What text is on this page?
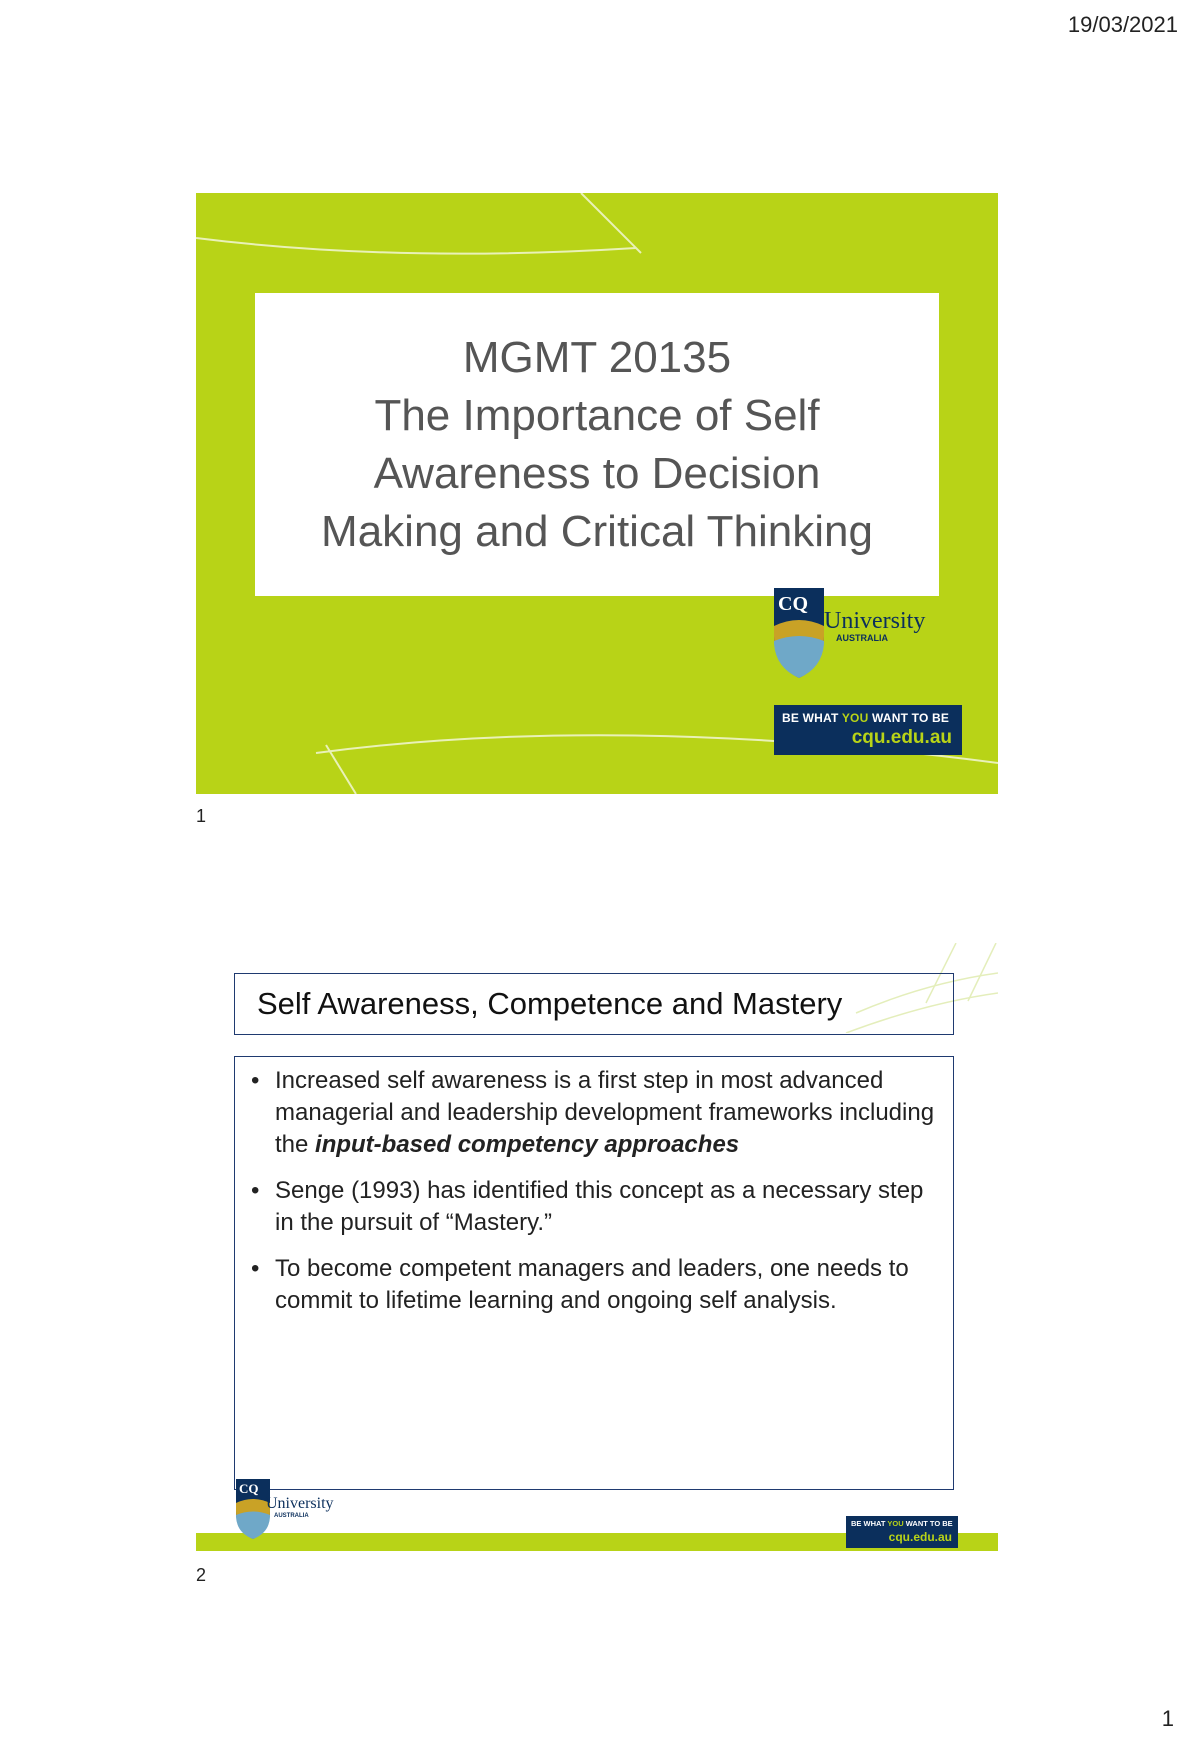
19/03/2021
MGMT 20135
The Importance of Self
Awareness to Decision
Making and Critical Thinking
CQ
University
AUSTRALIA
BE WHAT YOU WANT TO BE
cqu.edu.au
1
Self Awareness, Competence and Mastery
• Increased self awareness is a first step in most advanced managerial and leadership development frameworks including the input-based competency approaches
• Senge (1993) has identified this concept as a necessary step in the pursuit of “Mastery.”
• To become competent managers and leaders, one needs to commit to lifetime learning and ongoing self analysis.
CQ
University
AUSTRALIA
BE WHAT YOU WANT TO BE
cqu.edu.au
2
1
